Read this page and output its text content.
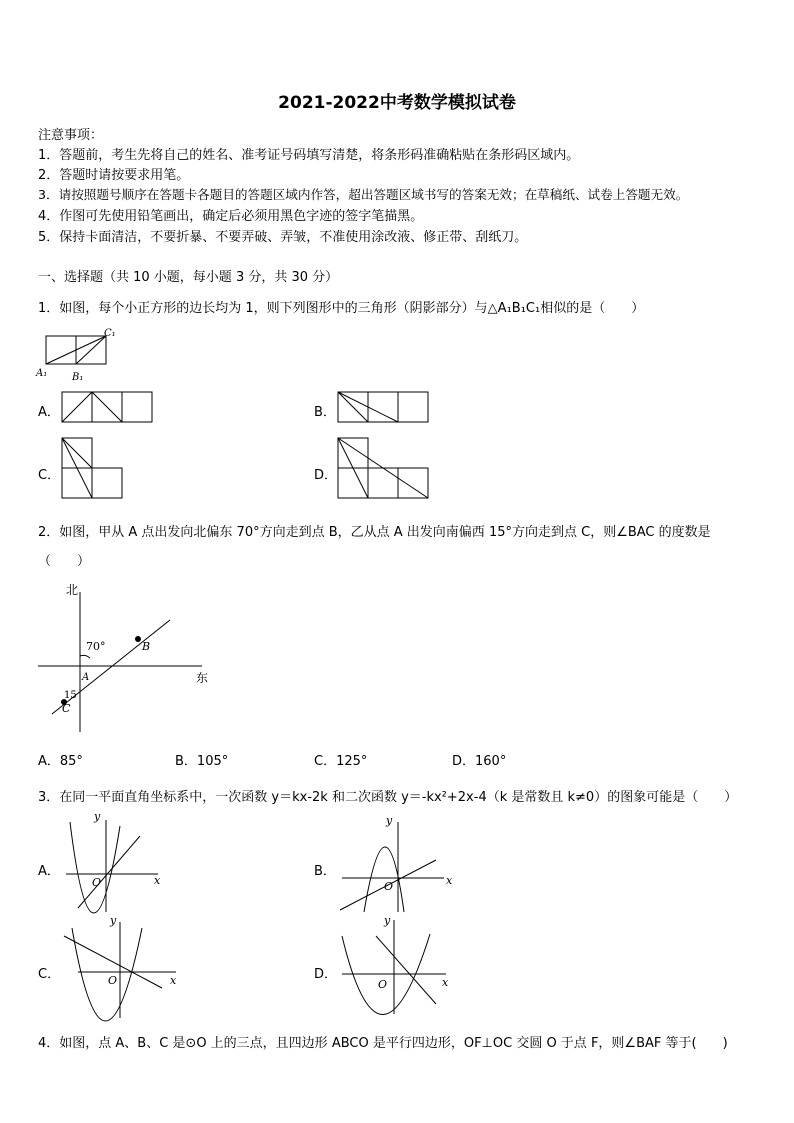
2021-2022中考数学模拟试卷
注意事项：
1．答题前，考生先将自己的姓名、准考证号码填写清楚，将条形码准确粘贴在条形码区域内。
2．答题时请按要求用笔。
3．请按照题号顺序在答题卡各题目的答题区域内作答，超出答题区域书写的答案无效；在草稿纸、试卷上答题无效。
4．作图可先使用铅笔画出，确定后必须用黑色字迹的签字笔描黑。
5．保持卡面清洁，不要折暴、不要弄破、弄皱，不准使用涂改液、修正带、刮纸刀。
一、选择题（共 10 小题，每小题 3 分，共 30 分）
1．如图，每个小正方形的边长均为 1，则下列图形中的三角形（阴影部分）与△A₁B₁C₁相似的是（　　）
C₁
A₁ B₁
A．	B．
C．	D．
2．如图，甲从 A 点出发向北偏东 70°方向走到点 B，乙从点 A 出发向南偏西 15°方向走到点 C，则∠BAC 的度数是
（　　）
北
东
70°	B
A
15
C
A．85°	B．105°	C．125°	D．160°
3．在同一平面直角坐标系中，一次函数 y＝kx-2k 和二次函数 y＝-kx²+2x-4（k 是常数且 k≠0）的图象可能是（　　）
A．
y
x
O
B．
y
x
O
C．
y
x
O	D．
y
x
O
4．如图，点 A、B、C 是⊙O 上的三点，且四边形 ABCO 是平行四边形，OF⊥OC 交圆 O 于点 F，则∠BAF 等于(　　)
